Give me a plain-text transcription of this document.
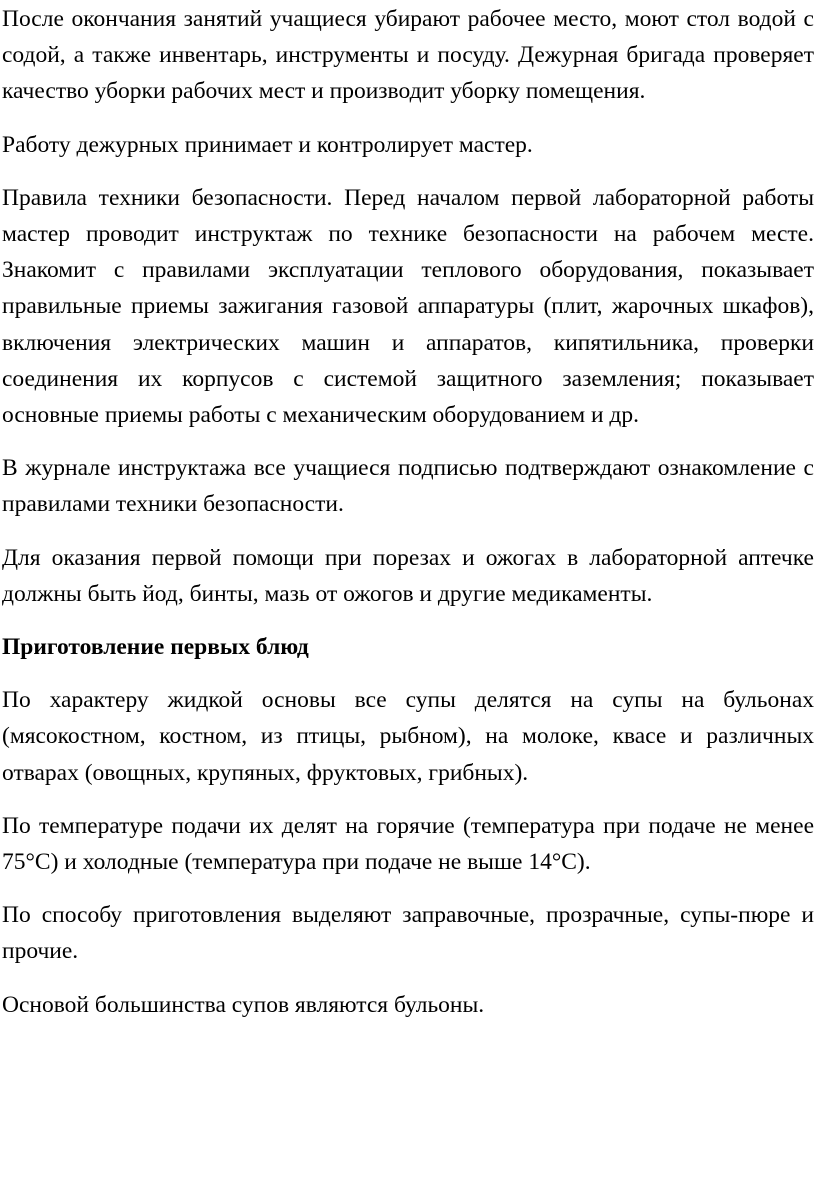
После окончания занятий учащиеся убирают рабочее место, моют стол водой с содой, а также инвентарь, инструменты и посуду. Дежурная бригада проверяет качество уборки рабочих мест и производит уборку помещения.

Работу дежурных принимает и контролирует мастер.

Правила техники безопасности. Перед началом первой лабораторной работы мастер проводит инструктаж по технике безопасности на рабочем месте. Знакомит с правилами эксплуатации теплового оборудования, показывает правильные приемы зажигания газовой аппаратуры (плит, жарочных шкафов), включения электрических машин и аппаратов, кипятильника, проверки соединения их корпусов с системой защитного заземления; показывает основные приемы работы с механическим оборудованием и др.

В журнале инструктажа все учащиеся подписью подтверждают ознакомление с правилами техники безопасности.

Для оказания первой помощи при порезах и ожогах в лабораторной аптечке должны быть йод, бинты, мазь от ожогов и другие медикаменты.

Приготовление первых блюд

По характеру жидкой основы все супы делятся на супы на бульонах (мясокостном, костном, из птицы, рыбном), на молоке, квасе и различных отварах (овощных, крупяных, фруктовых, грибных).

По температуре подачи их делят на горячие (температура при подаче не менее 75°С) и холодные (температура при подаче не выше 14°С).

По способу приготовления выделяют заправочные, прозрачные, супы-пюре и прочие.

Основой большинства супов являются бульоны.
